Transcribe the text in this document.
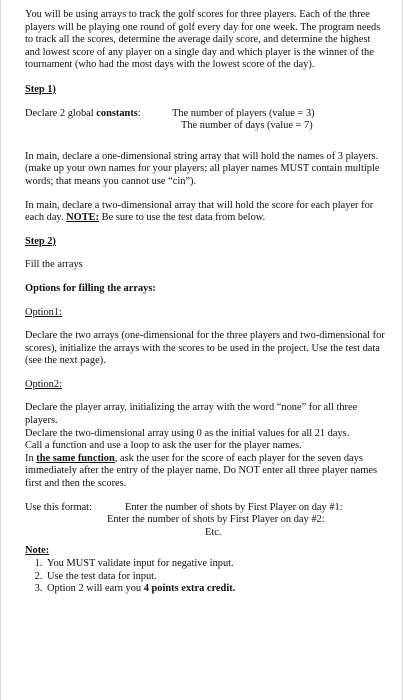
You will be using arrays to track the golf scores for three players. Each of the three players will be playing one round of golf every day for one week. The program needs to track all the scores, determine the average daily score, and determine the highest and lowest score of any player on a single day and which player is the winner of the tournament (who had the most days with the lowest score of the day).

Step 1)

Declare 2 global constants:	The number of players (value = 3)

The number of days (value = 7)

In main, declare a one-dimensional string array that will hold the names of 3 players. (make up your own names for your players; all player names MUST contain multiple words; that means you cannot use “cin”).

In main, declare a two-dimensional array that will hold the score for each player for each day. NOTE: Be sure to use the test data from below.

Step 2)

Fill the arrays

Options for filling the arrays:

Option1:

Declare the two arrays (one-dimensional for the three players and two-dimensional for scores), initialize the arrays with the scores to be used in the project. Use the test data (see the next page).

Option2:

Declare the player array, initializing the array with the word “none” for all three players.

Declare the two-dimensional array using 0 as the initial values for all 21 days.

Call a function and use a loop to ask the user for the player names.

In the same function, ask the user for the score of each player for the seven days immediately after the entry of the player name. Do NOT enter all three player names first and then the scores.

Use this format:	Enter the number of shots by First Player on day #1:

Enter the number of shots by First Player on day #2:

Etc.

Note:

1. You MUST validate input for negative input.
2. Use the test data for input.
3. Option 2 will earn you 4 points extra credit.
